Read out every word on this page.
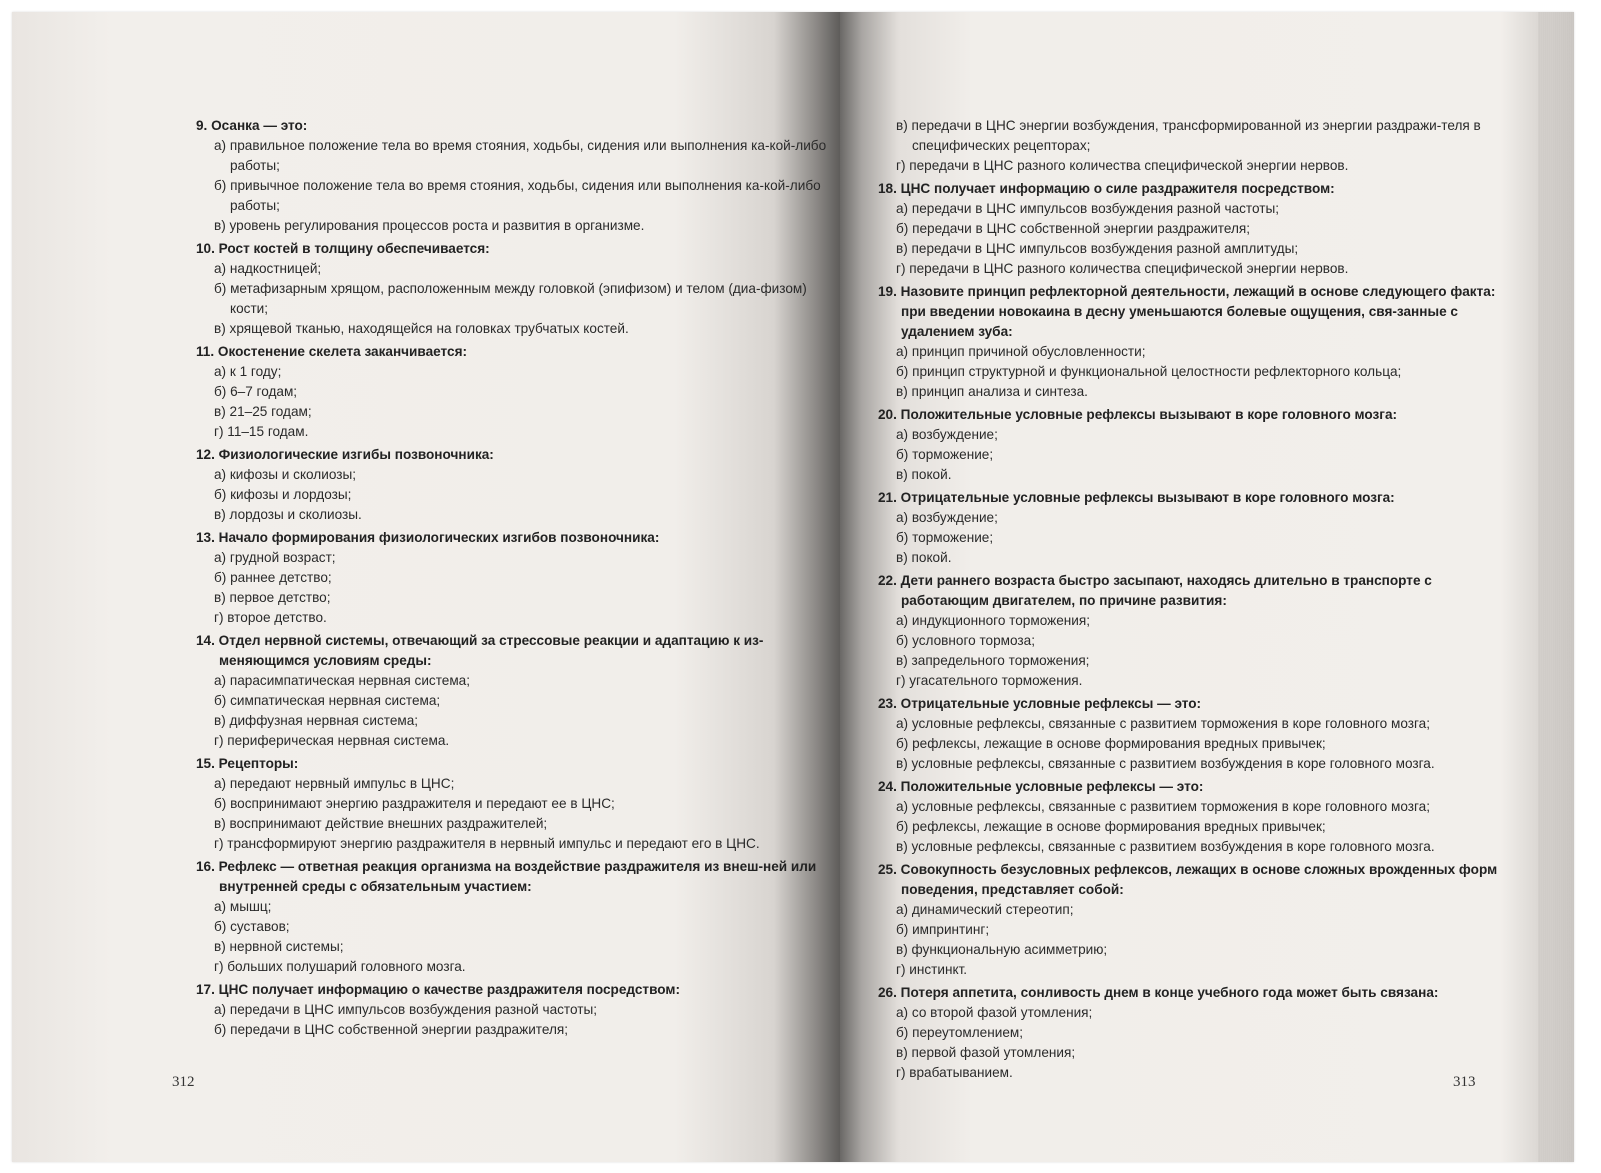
9. Осанка — это:

а) правильное положение тела во время стояния, ходьбы, сидения или выполнения ка-кой-либо работы;

б) привычное положение тела во время стояния, ходьбы, сидения или выполнения ка-кой-либо работы;

в) уровень регулирования процессов роста и развития в организме.

10. Рост костей в толщину обеспечивается:

а) надкостницей;

б) метафизарным хрящом, расположенным между головкой (эпифизом) и телом (диа-физом) кости;

в) хрящевой тканью, находящейся на головках трубчатых костей.

11. Окостенение скелета заканчивается:

а) к 1 году;

б) 6–7 годам;

в) 21–25 годам;

г) 11–15 годам.

12. Физиологические изгибы позвоночника:

а) кифозы и сколиозы;

б) кифозы и лордозы;

в) лордозы и сколиозы.

13. Начало формирования физиологических изгибов позвоночника:

а) грудной возраст;

б) раннее детство;

в) первое детство;

г) второе детство.

14. Отдел нервной системы, отвечающий за стрессовые реакции и адаптацию к из-меняющимся условиям среды:

а) парасимпатическая нервная система;

б) симпатическая нервная система;

в) диффузная нервная система;

г) периферическая нервная система.

15. Рецепторы:

а) передают нервный импульс в ЦНС;

б) воспринимают энергию раздражителя и передают ее в ЦНС;

в) воспринимают действие внешних раздражителей;

г) трансформируют энергию раздражителя в нервный импульс и передают его в ЦНС.

16. Рефлекс — ответная реакция организма на воздействие раздражителя из внеш-ней или внутренней среды с обязательным участием:

а) мышц;

б) суставов;

в) нервной системы;

г) больших полушарий головного мозга.

17. ЦНС получает информацию о качестве раздражителя посредством:

а) передачи в ЦНС импульсов возбуждения разной частоты;

б) передачи в ЦНС собственной энергии раздражителя;

312

в) передачи в ЦНС энергии возбуждения, трансформированной из энергии раздражи-теля в специфических рецепторах;

г) передачи в ЦНС разного количества специфической энергии нервов.

18. ЦНС получает информацию о силе раздражителя посредством:

а) передачи в ЦНС импульсов возбуждения разной частоты;

б) передачи в ЦНС собственной энергии раздражителя;

в) передачи в ЦНС импульсов возбуждения разной амплитуды;

г) передачи в ЦНС разного количества специфической энергии нервов.

19. Назовите принцип рефлекторной деятельности, лежащий в основе следующего факта: при введении новокаина в десну уменьшаются болевые ощущения, свя-занные с удалением зуба:

а) принцип причиной обусловленности;

б) принцип структурной и функциональной целостности рефлекторного кольца;

в) принцип анализа и синтеза.

20. Положительные условные рефлексы вызывают в коре головного мозга:

а) возбуждение;

б) торможение;

в) покой.

21. Отрицательные условные рефлексы вызывают в коре головного мозга:

а) возбуждение;

б) торможение;

в) покой.

22. Дети раннего возраста быстро засыпают, находясь длительно в транспорте с работающим двигателем, по причине развития:

а) индукционного торможения;

б) условного тормоза;

в) запредельного торможения;

г) угасательного торможения.

23. Отрицательные условные рефлексы — это:

а) условные рефлексы, связанные с развитием торможения в коре головного мозга;

б) рефлексы, лежащие в основе формирования вредных привычек;

в) условные рефлексы, связанные с развитием возбуждения в коре головного мозга.

24. Положительные условные рефлексы — это:

а) условные рефлексы, связанные с развитием торможения в коре головного мозга;

б) рефлексы, лежащие в основе формирования вредных привычек;

в) условные рефлексы, связанные с развитием возбуждения в коре головного мозга.

25. Совокупность безусловных рефлексов, лежащих в основе сложных врожденных форм поведения, представляет собой:

а) динамический стереотип;

б) импринтинг;

в) функциональную асимметрию;

г) инстинкт.

26. Потеря аппетита, сонливость днем в конце учебного года может быть связана:

а) со второй фазой утомления;

б) переутомлением;

в) первой фазой утомления;

г) врабатыванием.

313
